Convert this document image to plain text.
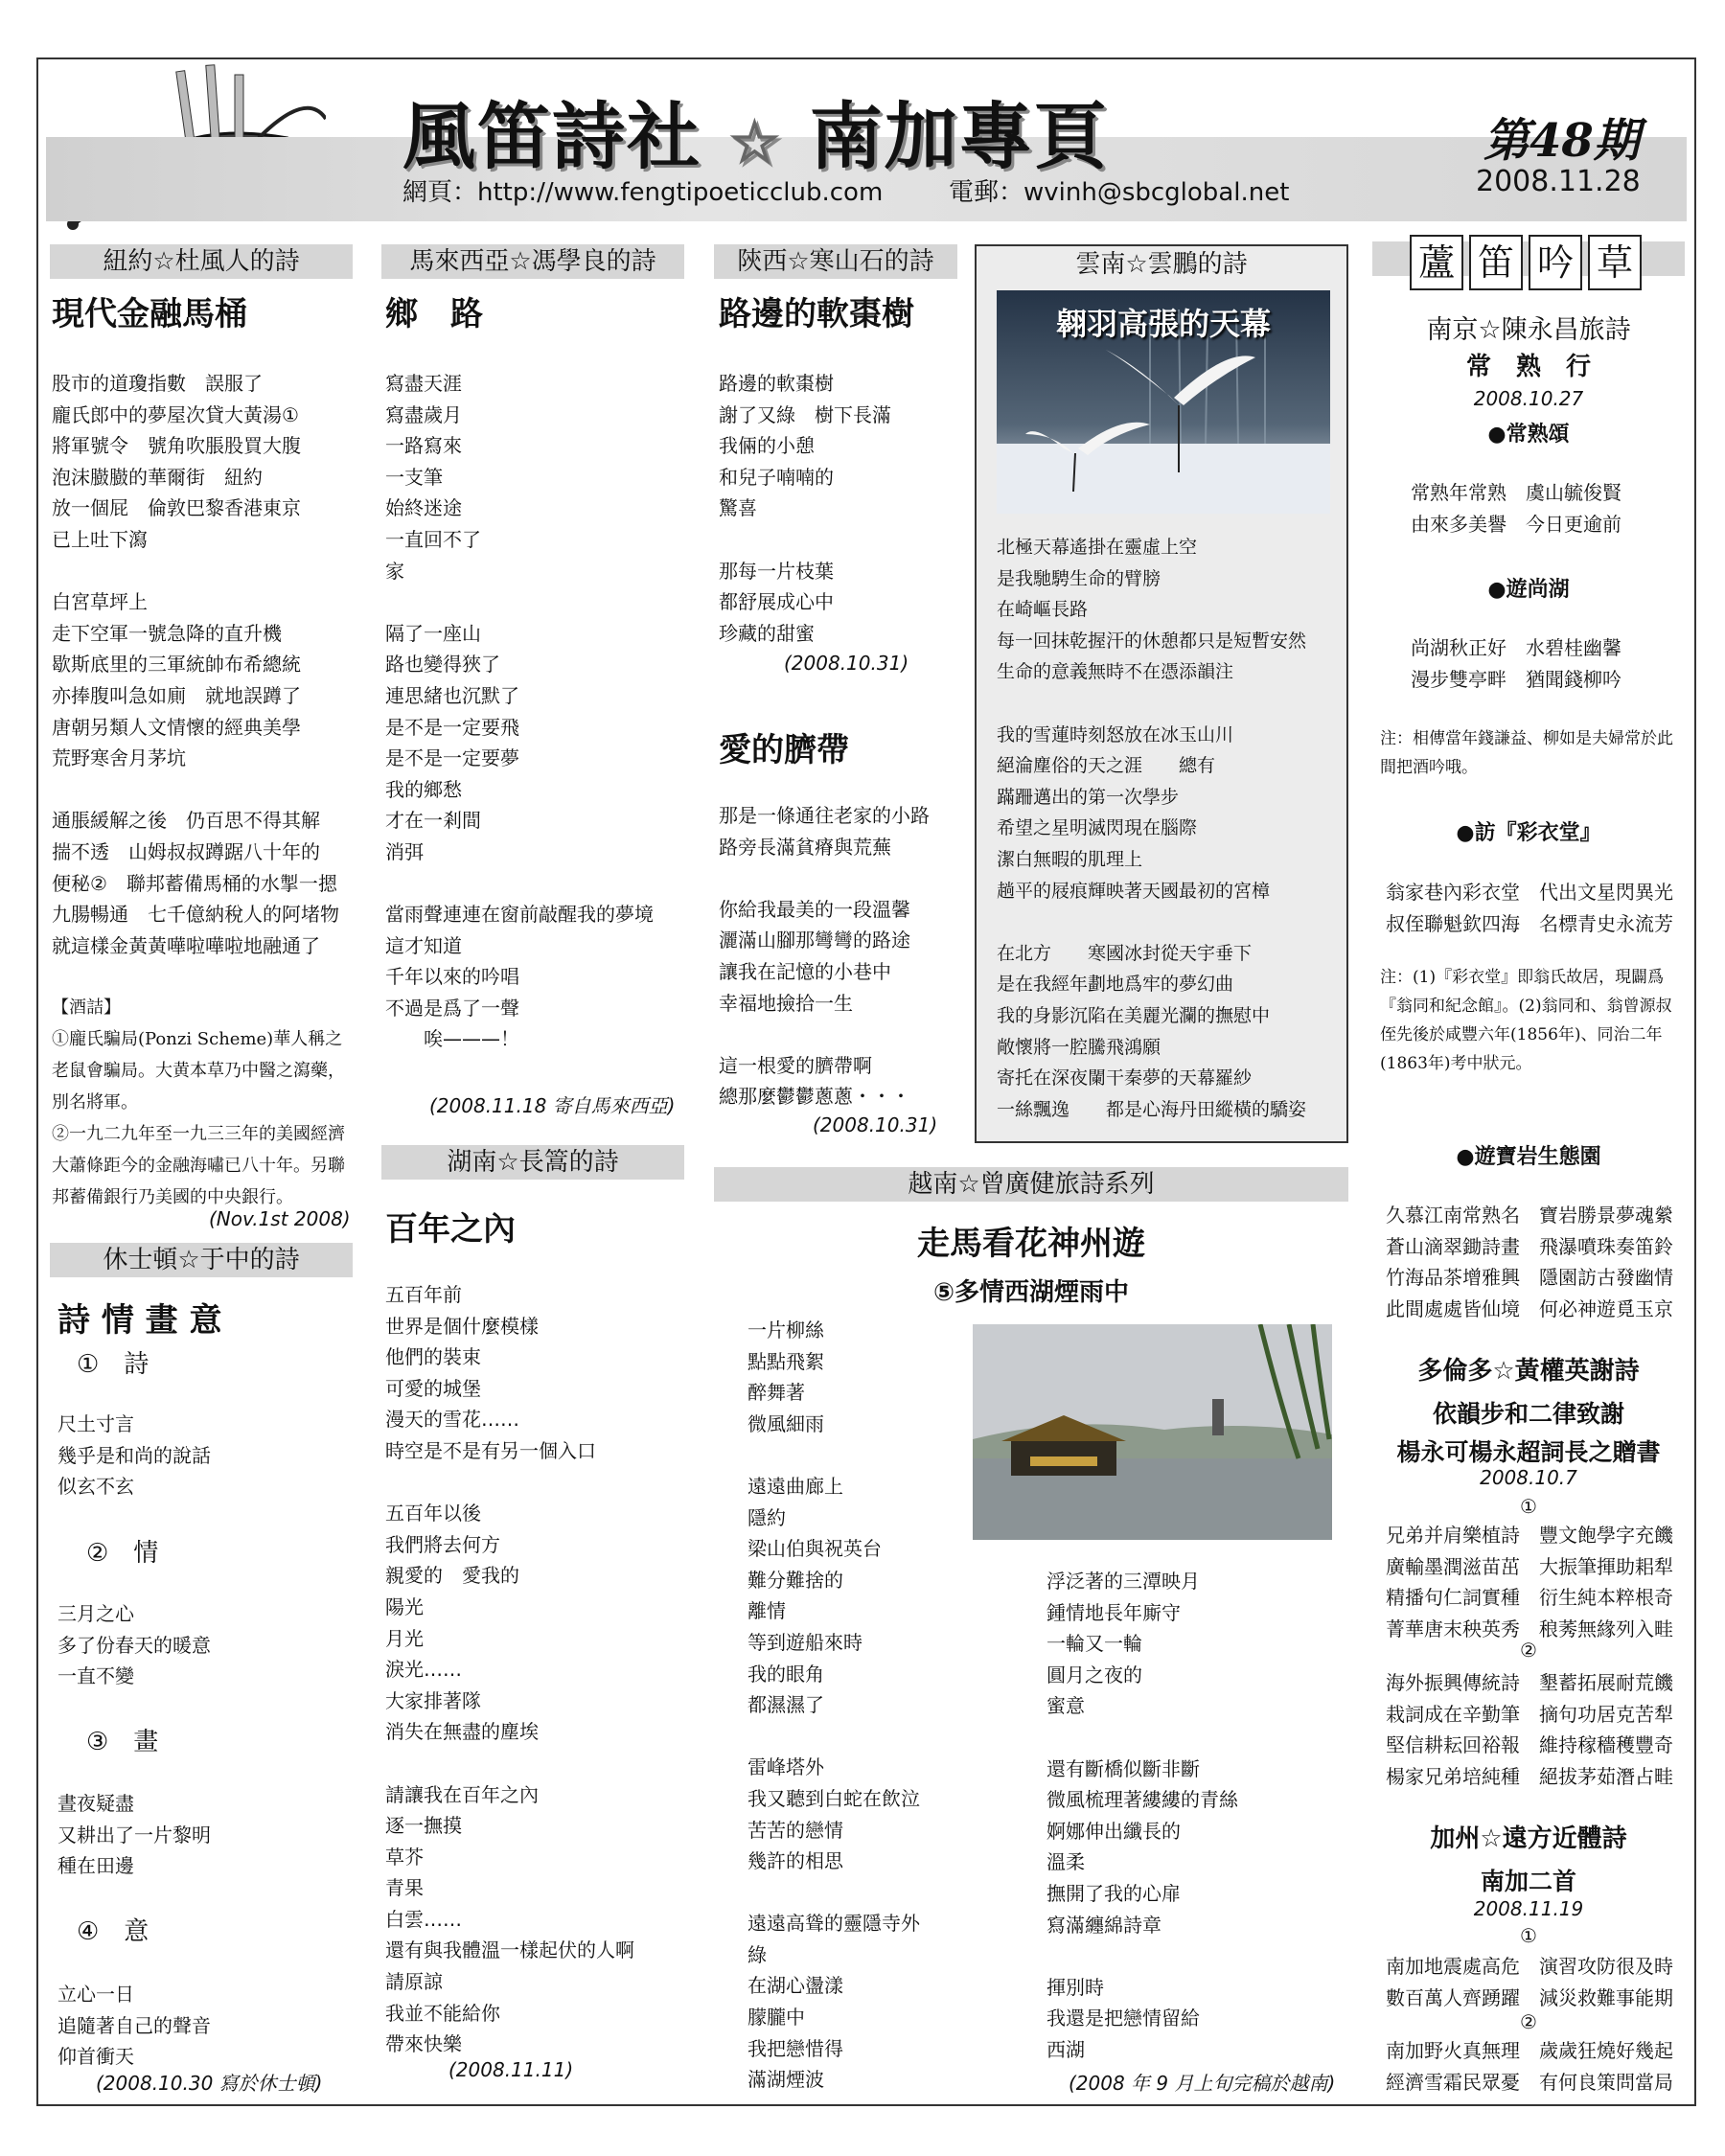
風笛詩社 ☆ 南加專頁
網頁：http://www.fengtipoeticclub.com	電郵：wvinh@sbcglobal.net
第48期
2008.11.28
紐約☆杜風人的詩
現代金融馬桶
股市的道瓊指數　誤服了
龐氏郎中的夢屋次貸大黃湯①
將軍號令　號角吹脹股買大腹
泡沫臌臌的華爾街　紐約
放一個屁　倫敦巴黎香港東京
已上吐下瀉

白宮草坪上
走下空軍一號急降的直升機
歇斯底里的三軍統帥布希總統
亦捧腹叫急如廁　就地誤蹲了
唐朝另類人文情懷的經典美學
荒野寒舍月茅坑

通脹緩解之後　仍百思不得其解
揣不透　山姆叔叔蹲踞八十年的
便秘②　聯邦蓄備馬桶的水掣一摁
九腸暢通　七千億納稅人的阿堵物
就這樣金黃黃嘩啦嘩啦地融通了

【酒詰】

①龐氏騙局(Ponzi Scheme)華人稱之老鼠會騙局。大黄本草乃中醫之瀉藥，別名將軍。

②一九二九年至一九三三年的美國經濟大蕭條距今的金融海嘯已八十年。另聯邦蓄備銀行乃美國的中央銀行。

(Nov.1st 2008)
休士頓☆于中的詩
詩 情 畫 意
①　詩
尺土寸言
幾乎是和尚的說話
似玄不玄
②　情
三月之心
多了份春天的暖意
一直不變
③　畫
晝夜疑盡
又耕出了一片黎明
種在田邊
④　意
立心一日
追隨著自己的聲音
仰首衝天
(2008.10.30 寫於休士頓)
馬來西亞☆馮學良的詩
鄉　路
寫盡天涯
寫盡歲月
一路寫來
一支筆
始終迷途
一直回不了
家

隔了一座山
路也變得狹了
連思緒也沉默了
是不是一定要飛
是不是一定要夢
我的鄉愁
才在一剎間
消弭

當雨聲連連在窗前敲醒我的夢境
這才知道
千年以來的吟唱
不過是爲了一聲
　　唉———！
(2008.11.18 寄自馬來西亞)
湖南☆長篙的詩
百年之內
五百年前
世界是個什麼模樣
他們的裝束
可愛的城堡
漫天的雪花……
時空是不是有另一個入口

五百年以後
我們將去何方
親愛的　愛我的
陽光
月光
淚光……
大家排著隊
消失在無盡的塵埃

請讓我在百年之內
逐一撫摸
草芥
青果
白雲……
還有與我體溫一樣起伏的人啊
請原諒
我並不能給你
帶來快樂
(2008.11.11)
陝西☆寒山石的詩
路邊的軟棗樹
路邊的軟棗樹
謝了又綠　樹下長滿
我倆的小憩
和兒子喃喃的
驚喜

那每一片枝葉
都舒展成心中
珍藏的甜蜜
(2008.10.31)
愛的臍帶
那是一條通往老家的小路
路旁長滿貧瘠與荒蕪

你給我最美的一段溫馨
灑滿山腳那彎彎的路途
讓我在記憶的小巷中
幸福地撿拾一生

這一根愛的臍帶啊
總那麼鬱鬱蔥蔥・・・
(2008.10.31)
雲南☆雲鵬的詩
翱羽高張的天幕
北極天幕遙掛在靈虛上空
是我馳騁生命的臂膀
在崎嶇長路
每一回抹乾握汗的休憩都只是短暫安然
生命的意義無時不在憑添韻注

我的雪蓮時刻怒放在冰玉山川
絕淪塵俗的天之涯　　總有
蹣跚邁出的第一次學步
希望之星明滅閃現在腦際
潔白無暇的肌理上
趟平的屐痕輝映著天國最初的宮樟

在北方　　寒國冰封從天宇垂下
是在我經年劃地爲牢的夢幻曲
我的身影沉陷在美麗光瀾的撫慰中
敞懷將一腔騰飛鴻願
寄托在深夜闌干秦夢的天幕羅紗
一絲飄逸　　都是心海丹田縱橫的驕姿
越南☆曾廣健旅詩系列
走馬看花神州遊
⑤多情西湖煙雨中
一片柳絲
點點飛絮
醉舞著
微風細雨

遠遠曲廊上
隱約
梁山伯與祝英台
難分難捨的
離情
等到遊船來時
我的眼角
都濕濕了

雷峰塔外
我又聽到白蛇在飲泣
苦苦的戀情
幾許的相思

遠遠高聳的靈隱寺外
綠
在湖心盪漾
朦朧中
我把戀惜得
滿湖煙波
浮泛著的三潭映月
鍾情地長年廝守
一輪又一輪
圓月之夜的
蜜意

還有斷橋似斷非斷
微風梳理著縷縷的青絲
婀娜伸出纖長的
溫柔
撫開了我的心扉
寫滿纏綿詩章

揮別時
我還是把戀情留給
西湖
(2008 年 9 月上旬完稿於越南)
蘆 笛 吟 草
南京☆陳永昌旅詩
常　熟　行
2008.10.27
●常熟頌
常熟年常熟　虞山毓俊賢
由來多美譽　今日更逾前
●遊尚湖
尚湖秋正好　水碧桂幽馨
漫步雙亭畔　猶聞錢柳吟
注：相傳當年錢謙益、柳如是夫婦常於此間把酒吟哦。
●訪『彩衣堂』
翁家巷內彩衣堂　代出文星閃異光
叔侄聯魁欽四海　名標青史永流芳
注：(1)『彩衣堂』即翁氏故居，現闢爲『翁同和紀念館』。(2)翁同和、翁曾源叔侄先後於咸豐六年(1856年)、同治二年(1863年)考中狀元。
●遊寶岩生態園
久慕江南常熟名　寶岩勝景夢魂縈
蒼山滴翠鋤詩畫　飛瀑噴珠奏笛鈴
竹海品茶增雅興　隱園訪古發幽情
此間處處皆仙境　何必神遊覓玉京
多倫多☆黃權英謝詩
依韻步和二律致謝
楊永可楊永超詞長之贈書
2008.10.7
①
兄弟并肩樂植詩　豐文飽學字充饑
廣輸墨潤滋苗茁　大振筆揮助耜犁
精播句仁詞實種　衍生純本粹根奇
菁華唐末秧英秀　稂莠無緣列入畦
②
海外振興傳統詩　墾蓄拓展耐荒饑
栽詞成在辛勤筆　摘句功居克苦犁
堅信耕耘回裕報　維持稼穡穫豐奇
楊家兄弟培純種　絕拔茅茹潛占畦
加州☆遠方近體詩
南加二首
2008.11.19
①
南加地震處高危　演習攻防很及時
數百萬人齊踴躍　減災救難事能期
②
南加野火真無理　歲歲狂燒好幾起
經濟雪霜民眾憂　有何良策問當局
